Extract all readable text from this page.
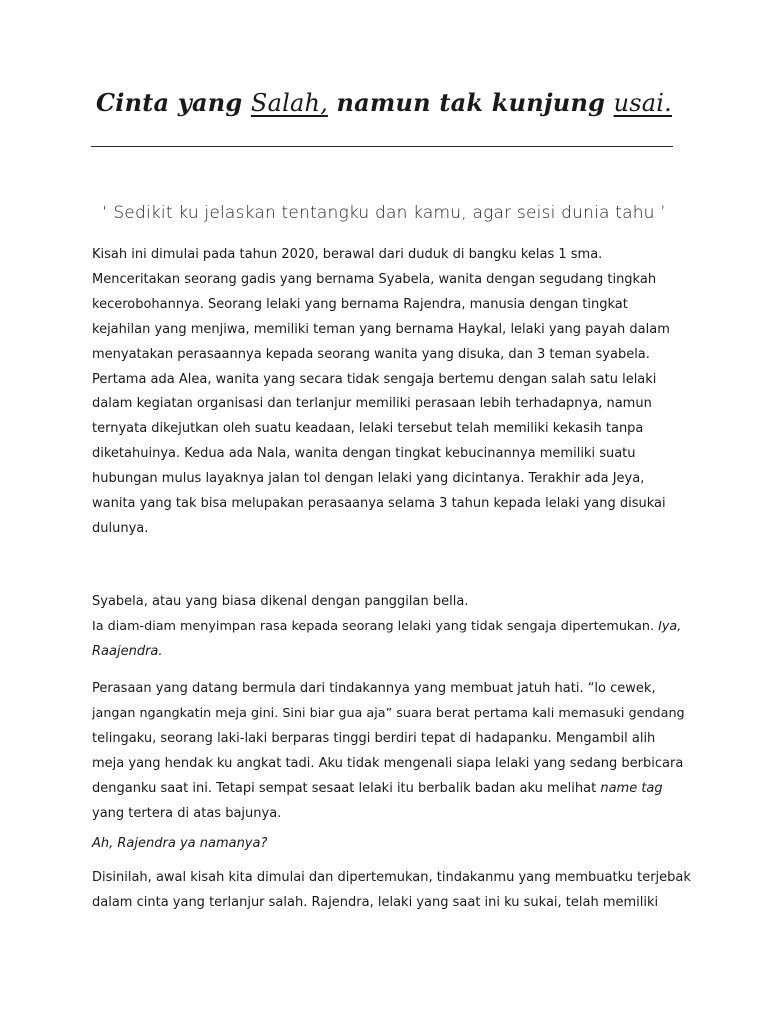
Cinta yang Salah, namun tak kunjung usai.
‘ Sedikit ku jelaskan tentangku dan kamu, agar seisi dunia tahu ’
Kisah ini dimulai pada tahun 2020, berawal dari duduk di bangku kelas 1 sma.
Menceritakan seorang gadis yang bernama Syabela, wanita dengan segudang tingkah
kecerobohannya. Seorang lelaki yang bernama Rajendra, manusia dengan tingkat
kejahilan yang menjiwa, memiliki teman yang bernama Haykal, lelaki yang payah dalam
menyatakan perasaannya kepada seorang wanita yang disuka, dan 3 teman syabela.
Pertama ada Alea, wanita yang secara tidak sengaja bertemu dengan salah satu lelaki
dalam kegiatan organisasi dan terlanjur memiliki perasaan lebih terhadapnya, namun
ternyata dikejutkan oleh suatu keadaan, lelaki tersebut telah memiliki kekasih tanpa
diketahuinya. Kedua ada Nala, wanita dengan tingkat kebucinannya memiliki suatu
hubungan mulus layaknya jalan tol dengan lelaki yang dicintanya. Terakhir ada Jeya,
wanita yang tak bisa melupakan perasaanya selama 3 tahun kepada lelaki yang disukai
dulunya.
Syabela, atau yang biasa dikenal dengan panggilan bella.
Ia diam-diam menyimpan rasa kepada seorang lelaki yang tidak sengaja dipertemukan. Iya,
Raajendra.
Perasaan yang datang bermula dari tindakannya yang membuat jatuh hati. “lo cewek,
jangan ngangkatin meja gini. Sini biar gua aja” suara berat pertama kali memasuki gendang
telingaku, seorang laki-laki berparas tinggi berdiri tepat di hadapanku. Mengambil alih
meja yang hendak ku angkat tadi. Aku tidak mengenali siapa lelaki yang sedang berbicara
denganku saat ini. Tetapi sempat sesaat lelaki itu berbalik badan aku melihat name tag
yang tertera di atas bajunya.
Ah, Rajendra ya namanya?
Disinilah, awal kisah kita dimulai dan dipertemukan, tindakanmu yang membuatku terjebak
dalam cinta yang terlanjur salah. Rajendra, lelaki yang saat ini ku sukai, telah memiliki
